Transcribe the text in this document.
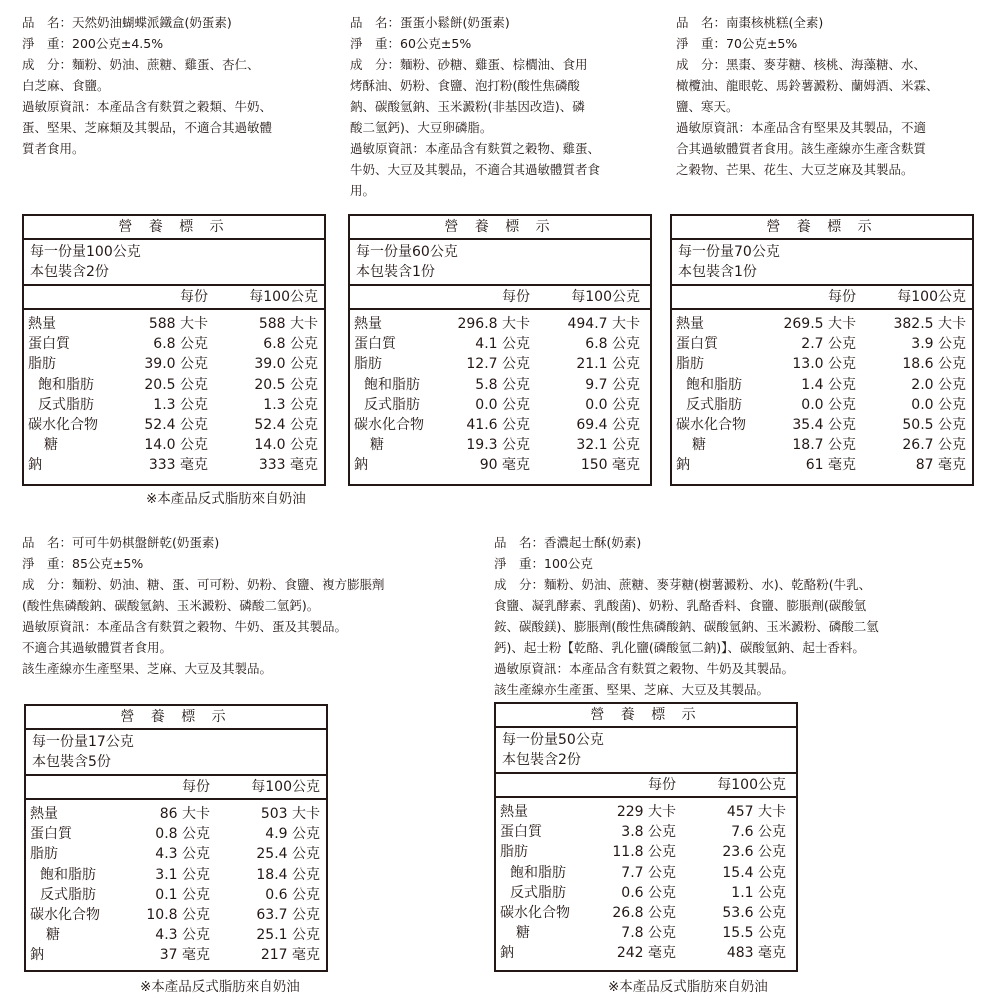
品　名： 天然奶油蝴蝶派鐵盒(奶蛋素)
淨　重： 200公克±4.5%
成　分： 麵粉、奶油、蔗糖、雞蛋、杏仁、
白芝麻、食鹽。
過敏原資訊：本產品含有麩質之穀類、牛奶、
蛋、堅果、芝麻類及其製品，不適合其過敏體
質者食用。
營 養 標 示
每一份量100公克
本包裝含2份
每份	每100公克
熱量	588 大卡	588 大卡
蛋白質	6.8 公克	6.8 公克
脂肪	39.0 公克	39.0 公克
飽和脂肪	20.5 公克	20.5 公克
反式脂肪	1.3 公克	1.3 公克
碳水化合物	52.4 公克	52.4 公克
糖	14.0 公克	14.0 公克
鈉	333 毫克	333 毫克
※本產品反式脂肪來自奶油
品　名： 蛋蛋小鬆餅(奶蛋素)
淨　重： 60公克±5%
成　分： 麵粉、砂糖、雞蛋、棕櫚油、食用
烤酥油、奶粉、食鹽、泡打粉(酸性焦磷酸
鈉、碳酸氫鈉、玉米澱粉(非基因改造)、磷
酸二氫鈣)、大豆卵磷脂。
過敏原資訊：本產品含有麩質之穀物、雞蛋、
牛奶、大豆及其製品，不適合其過敏體質者食
用。
營 養 標 示
每一份量60公克
本包裝含1份
每份	每100公克
熱量	296.8 大卡	494.7 大卡
蛋白質	4.1 公克	6.8 公克
脂肪	12.7 公克	21.1 公克
飽和脂肪	5.8 公克	9.7 公克
反式脂肪	0.0 公克	0.0 公克
碳水化合物	41.6 公克	69.4 公克
糖	19.3 公克	32.1 公克
鈉	90 毫克	150 毫克
品　名： 南棗核桃糕(全素)
淨　重： 70公克±5%
成　分： 黑棗、麥芽糖、核桃、海藻糖、水、
橄欖油、龍眼乾、馬鈴薯澱粉、蘭姆酒、米霖、
鹽、寒天。
過敏原資訊：本產品含有堅果及其製品，不適
合其過敏體質者食用。該生產線亦生產含麩質
之穀物、芒果、花生、大豆芝麻及其製品。
營 養 標 示
每一份量70公克
本包裝含1份
每份	每100公克
熱量	269.5 大卡	382.5 大卡
蛋白質	2.7 公克	3.9 公克
脂肪	13.0 公克	18.6 公克
飽和脂肪	1.4 公克	2.0 公克
反式脂肪	0.0 公克	0.0 公克
碳水化合物	35.4 公克	50.5 公克
糖	18.7 公克	26.7 公克
鈉	61 毫克	87 毫克
品　名： 可可牛奶棋盤餅乾(奶蛋素)
淨　重： 85公克±5%
成　分： 麵粉、奶油、糖、蛋、可可粉、奶粉、食鹽、複方膨脹劑
(酸性焦磷酸鈉、碳酸氫鈉、玉米澱粉、磷酸二氫鈣)。
過敏原資訊：本產品含有麩質之穀物、牛奶、蛋及其製品。
不適合其過敏體質者食用。
該生產線亦生產堅果、芝麻、大豆及其製品。
營 養 標 示
每一份量17公克
本包裝含5份
每份	每100公克
熱量	86 大卡	503 大卡
蛋白質	0.8 公克	4.9 公克
脂肪	4.3 公克	25.4 公克
飽和脂肪	3.1 公克	18.4 公克
反式脂肪	0.1 公克	0.6 公克
碳水化合物	10.8 公克	63.7 公克
糖	4.3 公克	25.1 公克
鈉	37 毫克	217 毫克
※本產品反式脂肪來自奶油
品　名： 香濃起士酥(奶素)
淨　重： 100公克
成　分： 麵粉、奶油、蔗糖、麥芽糖(樹薯澱粉、水)、乾酪粉(牛乳、
食鹽、凝乳酵素、乳酸菌)、奶粉、乳酪香料、食鹽、膨脹劑(碳酸氫
銨、碳酸鎂)、膨脹劑(酸性焦磷酸鈉、碳酸氫鈉、玉米澱粉、磷酸二氫
鈣)、起士粉【乾酪、乳化鹽(磷酸氫二鈉)】、碳酸氫鈉、起士香料。
過敏原資訊：本產品含有麩質之穀物、牛奶及其製品。
該生產線亦生產蛋、堅果、芝麻、大豆及其製品。
營 養 標 示
每一份量50公克
本包裝含2份
每份	每100公克
熱量	229 大卡	457 大卡
蛋白質	3.8 公克	7.6 公克
脂肪	11.8 公克	23.6 公克
飽和脂肪	7.7 公克	15.4 公克
反式脂肪	0.6 公克	1.1 公克
碳水化合物	26.8 公克	53.6 公克
糖	7.8 公克	15.5 公克
鈉	242 毫克	483 毫克
※本產品反式脂肪來自奶油
